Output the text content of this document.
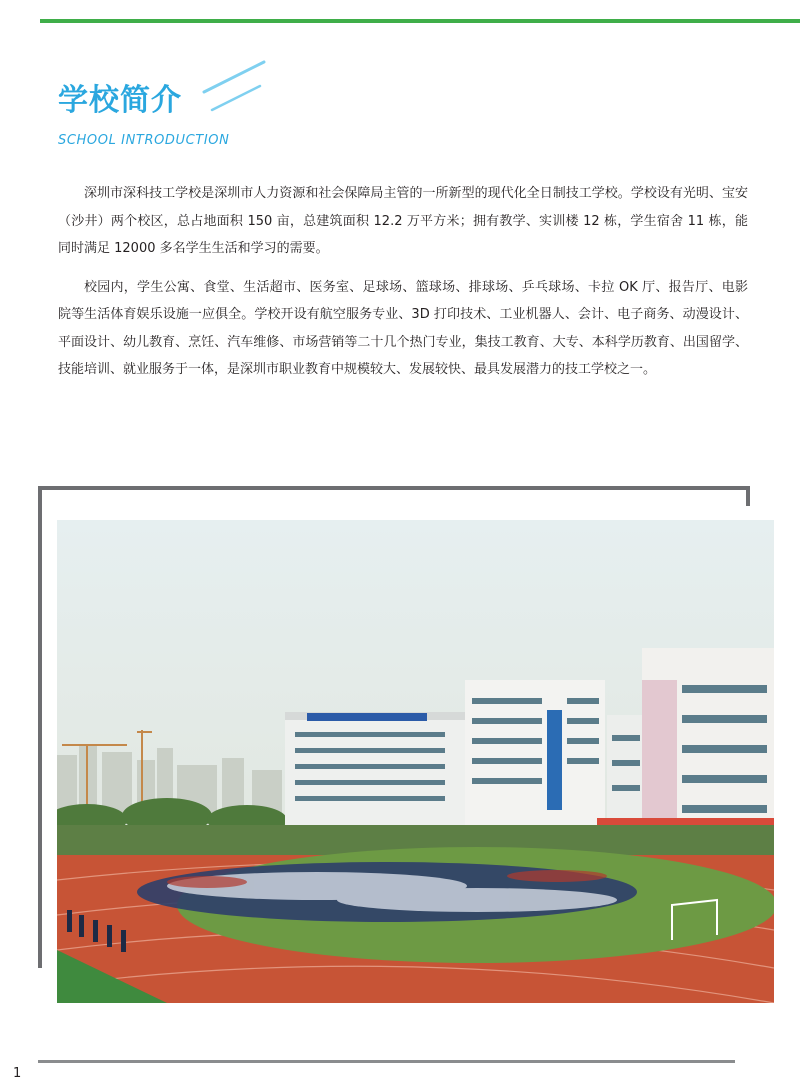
学校简介
SCHOOL INTRODUCTION

深圳市深科技工学校是深圳市人力资源和社会保障局主管的一所新型的现代化全日制技工学校。学校设有光明、宝安（沙井）两个校区，总占地面积 150 亩，总建筑面积 12.2 万平方米；拥有教学、实训楼 12 栋，学生宿舍 11 栋，能同时满足 12000 多名学生生活和学习的需要。

校园内，学生公寓、食堂、生活超市、医务室、足球场、篮球场、排球场、乒乓球场、卡拉 OK 厅、报告厅、电影院等生活体育娱乐设施一应俱全。学校开设有航空服务专业、3D 打印技术、工业机器人、会计、电子商务、动漫设计、平面设计、幼儿教育、烹饪、汽车维修、市场营销等二十几个热门专业，集技工教育、大专、本科学历教育、出国留学、技能培训、就业服务于一体，是深圳市职业教育中规模较大、发展较快、最具发展潜力的技工学校之一。

1
